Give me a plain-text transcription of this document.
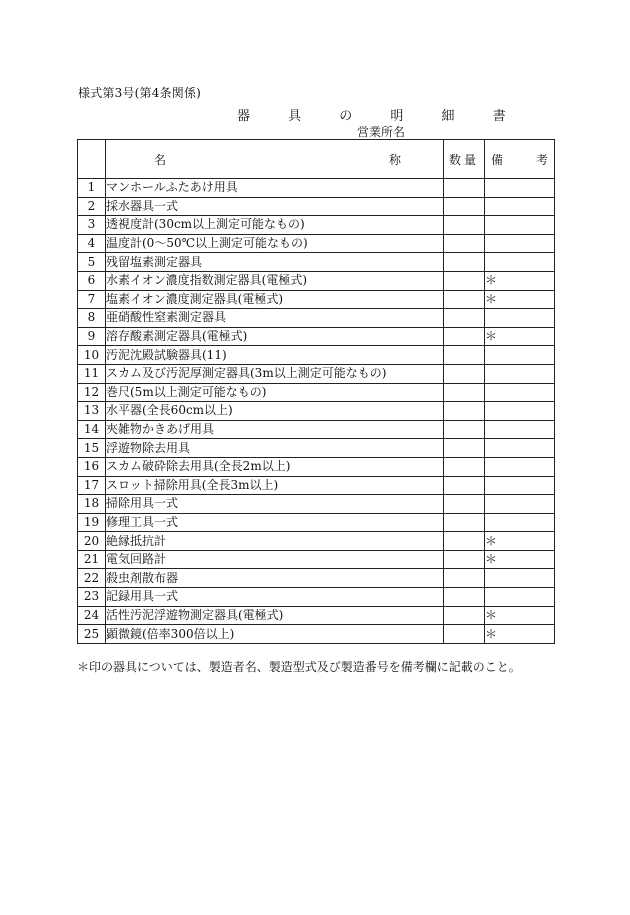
様式第3号(第4条関係)
器 具 の 明 細 書
営業所名

	名 称	数量	備 考

1	マンホールふたあけ用具		
2	採水器具一式		
3	透視度計(30cm以上測定可能なもの)		
4	温度計(0～50℃以上測定可能なもの)		
5	残留塩素測定器具		
6	水素イオン濃度指数測定器具(電極式)		＊
7	塩素イオン濃度測定器具(電極式)		＊
8	亜硝酸性窒素測定器具		
9	溶存酸素測定器具(電極式)		＊
10	汚泥沈殿試験器具(11)		
11	スカム及び汚泥厚測定器具(3m以上測定可能なもの)		
12	巻尺(5m以上測定可能なもの)		
13	水平器(全長60cm以上)		
14	夾雑物かきあげ用具		
15	浮遊物除去用具		
16	スカム破砕除去用具(全長2m以上)		
17	スロット掃除用具(全長3m以上)		
18	掃除用具一式		
19	修理工具一式		
20	絶縁抵抗計		＊
21	電気回路計		＊
22	殺虫剤散布器		
23	記録用具一式		
24	活性汚泥浮遊物測定器具(電極式)		＊
25	顕微鏡(倍率300倍以上)		＊
＊印の器具については、製造者名、製造型式及び製造番号を備考欄に記載のこと。
